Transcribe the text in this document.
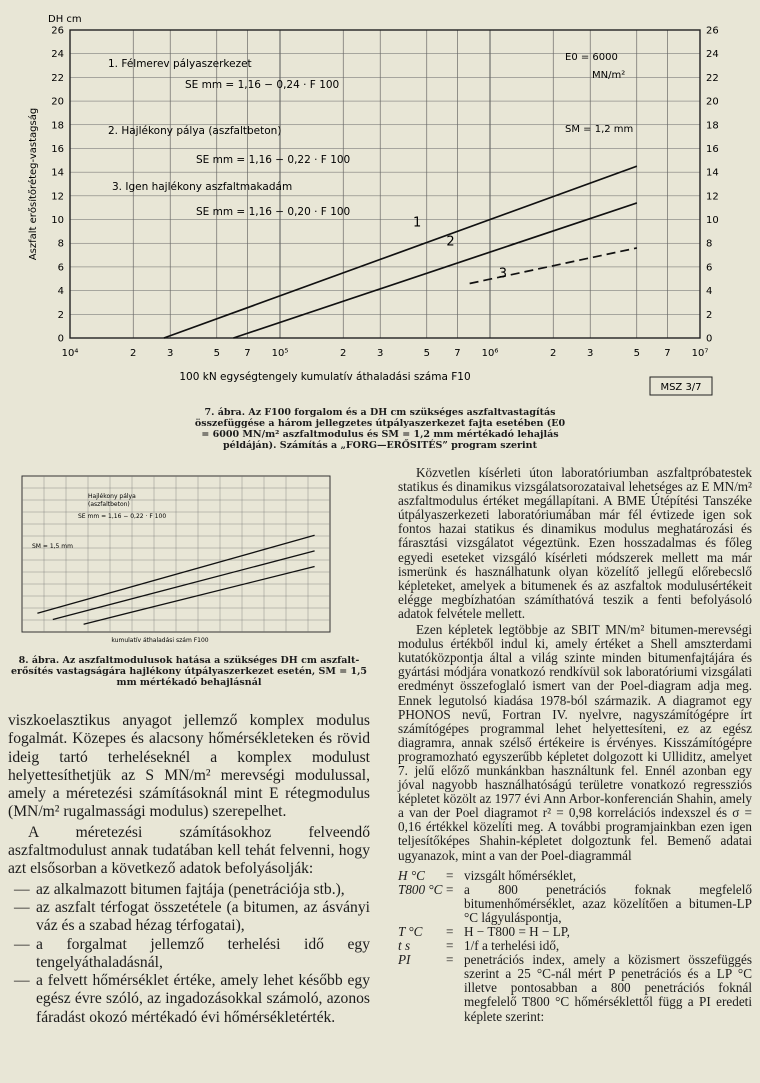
10⁴	2	3	5 7 10⁵	2	3	5 7 10⁶	2	3	5 7 10⁷
0	0
2	2
4	4
6	6
8	8
10	10
12	12
14	14
16	16
18	18
20	20
22	22
24	24
26	26
1
2
3
DH cm
Aszfalt erősítőréteg-vastagság
100 kN egységtengely kumulatív áthaladási száma F10
1. Félmerev pályaszerkezet
SE mm = 1,16 − 0,24 · F 100
2. Hajlékony pálya (aszfaltbeton)
SE mm = 1,16 − 0,22 · F 100
3. Igen hajlékony aszfaltmakadám
SE mm = 1,16 − 0,20 · F 100
E0 = 6000
MN/m²
SM = 1,2 mm
MSZ 3/7
7. ábra. Az F100 forgalom és a DH cm szükséges aszfaltvastagítás összefüggése a három jellegzetes útpályaszerkezet fajta esetében (E0 = 6000 MN/m² aszfaltmodulus és SM = 1,2 mm mértékadó lehajlás példáján). Számítás a „FORG—ERŐSITÉS” program szerint
Hajlékony pálya
(aszfaltbeton)
SE mm = 1,16 − 0,22 · F 100
SM = 1,5 mm
kumulatív áthaladási szám F100
8. ábra. Az aszfaltmodulusok hatása a szükséges DH cm aszfalt-erősítés vastagságára hajlékony útpályaszerkezet esetén, SM = 1,5 mm mértékadó behajlásnál

viszkoelasztikus anyagot jellemző komplex modulus fogalmát. Közepes és alacsony hőmérsékleteken és rövid ideig tartó terheléseknél a komplex modulust helyettesíthetjük az S MN/m² merevségi modulussal, amely a méretezési számításoknál mint E rétegmodulus (MN/m² rugalmassági modulus) szerepelhet.

A méretezési számításokhoz felveendő aszfaltmodulust annak tudatában kell tehát felvenni, hogy azt elsősorban a következő adatok befolyásolják:

— az alkalmazott bitumen fajtája (penetrációja stb.),
— az aszfalt térfogat összetétele (a bitumen, az ásványi váz és a szabad hézag térfogatai),
— a forgalmat jellemző terhelési idő egy tengelyáthaladásnál,
— a felvett hőmérséklet értéke, amely lehet később egy egész évre szóló, az ingadozásokkal számoló, azonos fáradást okozó mértékadó évi hőmérsékletérték.

Közvetlen kísérleti úton laboratóriumban aszfaltpróbatestek statikus és dinamikus vizsgálatsorozataival lehetséges az E MN/m² aszfaltmodulus értéket megállapítani. A BME Útépítési Tanszéke útpályaszerkezeti laboratóriumában már fél évtizede igen sok fontos hazai statikus és dinamikus modulus meghatározási és fárasztási vizsgálatot végeztünk. Ezen hosszadalmas és főleg egyedi eseteket vizsgáló kísérleti módszerek mellett ma már ismerünk és használhatunk olyan közelítő jellegű előrebecslő képleteket, amelyek a bitumenek és az aszfaltok modulusértékeit elégge megbízhatóan számíthatóvá teszik a fenti befolyásoló adatok felvétele mellett.

Ezen képletek legtöbbje az SBIT MN/m² bitumen-merevségi modulus értékből indul ki, amely értéket a Shell amszterdami kutatóközpontja által a világ szinte minden bitumenfajtájára és gyártási módjára vonatkozó rendkívül sok laboratóriumi vizsgálati eredményt összefoglaló ismert van der Poel-diagram adja meg. Ennek legutolsó kiadása 1978-ból származik. A diagramot egy PHONOS nevű, Fortran IV. nyelvre, nagyszámítógépre írt számítógépes programmal lehet helyettesíteni, ez az egész diagramra, annak szélső értékeire is érvényes. Kisszámítógépre programozható egyszerűbb képletet dolgozott ki Ulliditz, amelyet 7. jelű előző munkánkban használtunk fel. Ennél azonban egy jóval nagyobb használhatóságú területre vonatkozó regressziós képletet közölt az 1977 évi Ann Arbor-konferencián Shahin, amely a van der Poel diagramot r² = 0,98 korrelációs indexszel és σ = 0,16 értékkel közelíti meg. A további programjainkban ezen igen teljesítőképes Shahin-képletet dolgoztunk fel. Bemenő adatai ugyanazok, mint a van der Poel-diagrammál

H °C	= vizsgált hőmérséklet,
T800 °C = a 800 penetrációs foknak megfelelő bitumenhőmérséklet, azaz közelítően a bitumen-LP °C lágyuláspontja,
T °C	= H − T800 = H − LP,
t s	= 1/f a terhelési idő,
PI	= penetrációs index, amely a közismert összefüggés szerint a 25 °C-nál mért P penetrációs és a LP °C illetve pontosabban a 800 penetrációs foknál megfelelő T800 °C hőmérséklettől függ a PI eredeti képlete szerint:
